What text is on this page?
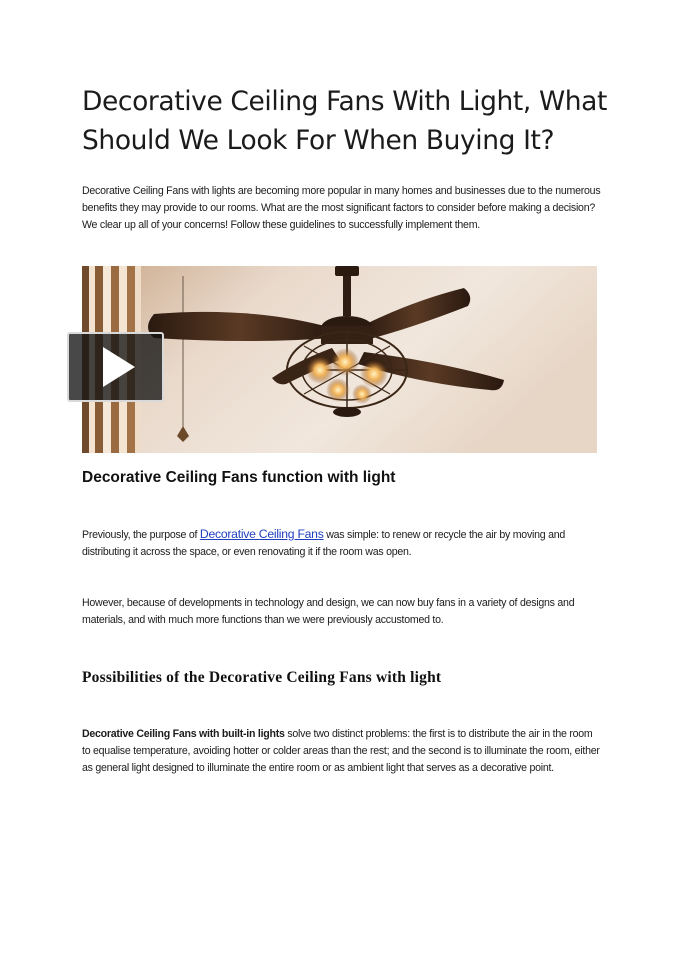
Decorative Ceiling Fans With Light, What Should We Look For When Buying It?

Decorative Ceiling Fans with lights are becoming more popular in many homes and businesses due to the numerous benefits they may provide to our rooms. What are the most significant factors to consider before making a decision? We clear up all of your concerns! Follow these guidelines to successfully implement them.

Decorative Ceiling Fans function with light

Previously, the purpose of Decorative Ceiling Fans was simple: to renew or recycle the air by moving and distributing it across the space, or even renovating it if the room was open.

However, because of developments in technology and design, we can now buy fans in a variety of designs and materials, and with much more functions than we were previously accustomed to.

Possibilities of the Decorative Ceiling Fans with light

Decorative Ceiling Fans with built-in lights solve two distinct problems: the first is to distribute the air in the room to equalise temperature, avoiding hotter or colder areas than the rest; and the second is to illuminate the room, either as general light designed to illuminate the entire room or as ambient light that serves as a decorative point.
